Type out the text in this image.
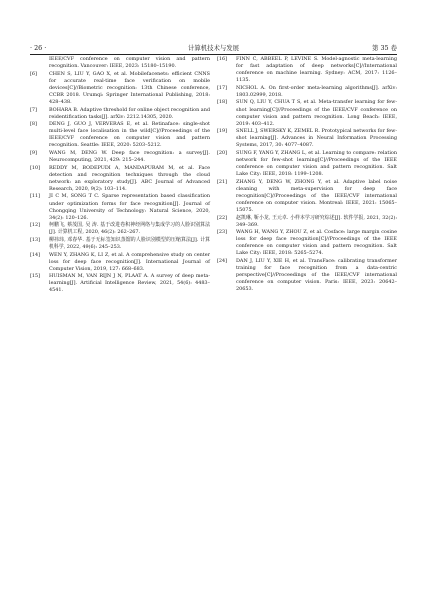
· 26 ·	计算机技术与发展	第 35 卷
IEEE/CVF conference on computer vision and pattern recognition. Vancouver: IEEE, 2023: 15180–15190.
[6]	CHEN S, LIU Y, GAO X, et al. Mobilefacenets: efficient CNNS for accurate real-time face verification on mobile devices[C]//Biometric recognition: 13th Chinese conference, CCBR 2018. Urumqi: Springer International Publishing, 2018: 428–438.
[7]	BOHARA B. Adaptive threshold for online object recognition and reidentification tasks[J]. arXiv: 2212.14305, 2020.
[8]	DENG J, GUO J, VERVERAS E, et al. Retinaface: single-shot multi-level face localisation in the wild[C]//Proceedings of the IEEE/CVF conference on computer vision and pattern recognition. Seattle: IEEE, 2020: 5203–5212.
[9]	WANG M, DENG W. Deep face recognition: a survey[J]. Neurocomputing, 2021, 429: 215–244.
[10]	REDDY M, BODEPUDI A, MANDAPURAM M, et al. Face detection and recognition techniques through the cloud network: an exploratory study[J]. ABC Journal of Advanced Research, 2020, 9(2): 103–114.
[11]	JI C M, SONG T C. Sparse representation based classification under optimization forms for face recognition[J]. Journal of Chongqing University of Technology: Natural Science, 2020, 34(2): 120–126.
[12]	柯鹏飞, 蔡茂国, 吴 涛. 基于改进卷积神经网络与集成学习的人脸识别算法[J]. 计算机工程, 2020, 46(2): 262–267.
[13]	柳祎玮, 邓春华. 基于无标签知识蒸馏的人脸识别模型的压缩算法[J]. 计算机科学, 2022, 49(6): 245–253.
[14]	WEN Y, ZHANG K, LI Z, et al. A comprehensive study on center loss for deep face recognition[J]. International Journal of Computer Vision, 2019, 127: 668–683.
[15]	HUISMAN M, VAN RIJN J N, PLAAT A. A survey of deep meta-learning[J]. Artificial Intelligence Review, 2021, 54(6): 4483–4541.
[16]	FINN C, ABBEEL P, LEVINE S. Model-agnostic meta-learning for fast adaptation of deep networks[C]//International conference on machine learning. Sydney: ACM, 2017: 1126–1135.
[17]	NICHOL A. On first-order meta-learning algorithms[J]. arXiv: 1803.02999, 2018.
[18]	SUN Q, LIU Y, CHUA T S, et al. Meta-transfer learning for few-shot learning[C]//Proceedings of the IEEE/CVF conference on computer vision and pattern recognition. Long Beach: IEEE, 2019: 403–412.
[19]	SNELL J, SWERSKY K, ZEMEL R. Prototypical networks for few-shot learning[J]. Advances in Neural Information Processing Systems, 2017, 30: 4077–4087.
[20]	SUNG F, YANG Y, ZHANG L, et al. Learning to compare: relation network for few-shot learning[C]//Proceedings of the IEEE conference on computer vision and pattern recognition. Salt Lake City: IEEE, 2018: 1199–1208.
[21]	ZHANG Y, DENG W, ZHONG Y, et al. Adaptive label noise cleaning with meta-supervision for deep face recognition[C]//Proceedings of the IEEE/CVF international conference on computer vision. Montreal: IEEE, 2021: 15065–15075.
[22]	赵凯琳, 靳小龙, 王元卓. 小样本学习研究综述[J]. 软件学报, 2021, 32(2): 349–369.
[23]	WANG H, WANG Y, ZHOU Z, et al. Cosface: large margin cosine loss for deep face recognition[C]//Proceedings of the IEEE conference on computer vision and pattern recognition. Salt Lake City: IEEE, 2018: 5265–5274.
[24]	DAN J, LIU Y, XIE H, et al. TransFace: calibrating transformer training for face recognition from a data-centric perspective[C]//Proceedings of the IEEE/CVF international conference on computer vision. Paris: IEEE, 2023: 20642–20653.
